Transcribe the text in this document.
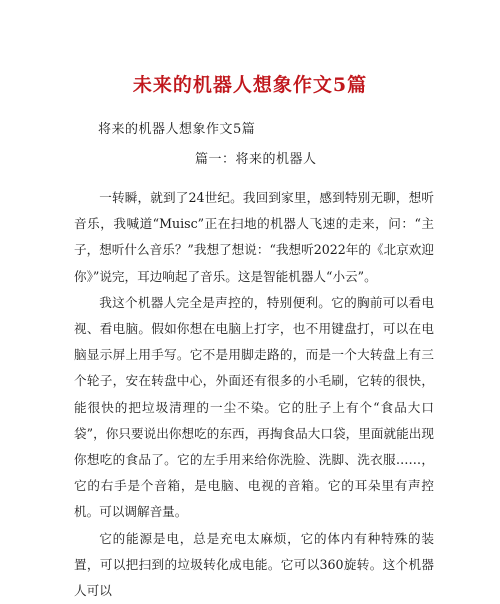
未来的机器人想象作文5篇
将来的机器人想象作文5篇
篇一：将来的机器人

一转瞬，就到了24世纪。我回到家里，感到特别无聊，想听音乐，我喊道“Muisc”正在扫地的机器人飞速的走来，问：“主子，想听什么音乐？”我想了想说：“我想听2022年的《北京欢迎你》”说完，耳边响起了音乐。这是智能机器人“小云”。

我这个机器人完全是声控的，特别便利。它的胸前可以看电视、看电脑。假如你想在电脑上打字，也不用键盘打，可以在电脑显示屏上用手写。它不是用脚走路的，而是一个大转盘上有三个轮子，安在转盘中心，外面还有很多的小毛刷，它转的很快，能很快的把垃圾清理的一尘不染。它的肚子上有个“食品大口袋”，你只要说出你想吃的东西，再掏食品大口袋，里面就能出现你想吃的食品了。它的左手用来给你洗脸、洗脚、洗衣服……，它的右手是个音箱，是电脑、电视的音箱。它的耳朵里有声控机。可以调解音量。

它的能源是电，总是充电太麻烦，它的体内有种特殊的装置，可以把扫到的垃圾转化成电能。它可以360旋转。这个机器人可以
